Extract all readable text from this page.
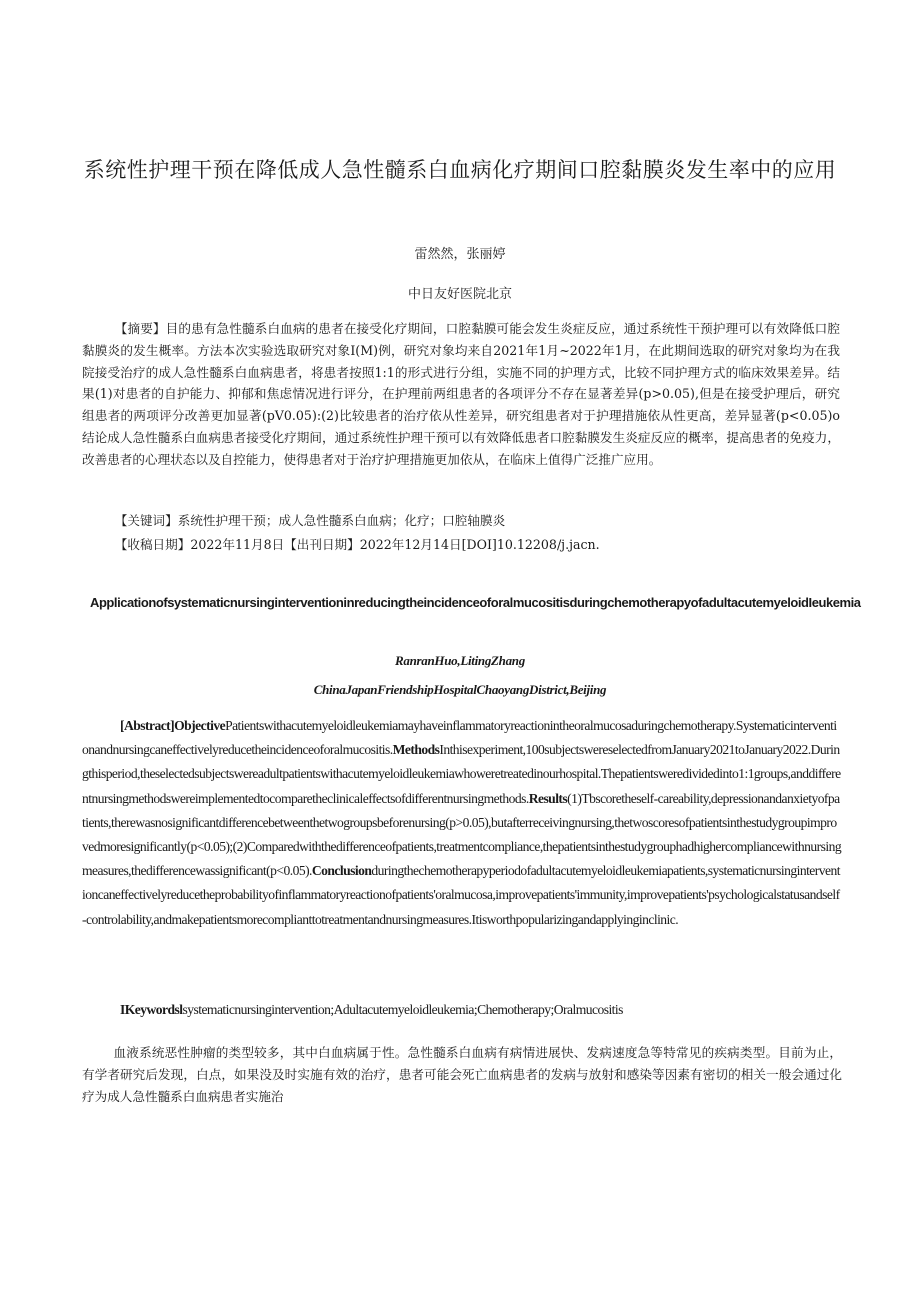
系统性护理干预在降低成人急性髓系白血病化疗期间口腔黏膜炎发生率中的应用
雷然然，张丽婷
中日友好医院北京

【摘要】目的患有急性髓系白血病的患者在接受化疗期间，口腔黏膜可能会发生炎症反应，通过系统性干预护理可以有效降低口腔黏膜炎的发生概率。方法本次实验选取研究对象I(M)例，研究对象均来自2021年1月~2022年1月，在此期间选取的研究对象均为在我院接受治疗的成人急性髓系白血病患者，将患者按照1:1的形式进行分组，实施不同的护理方式，比较不同护理方式的临床效果差异。结果(1)对患者的自护能力、抑郁和焦虑情况进行评分，在护理前两组患者的各项评分不存在显著差异(p>0.05),但是在接受护理后，研究组患者的两项评分改善更加显著(pV0.05):(2)比较患者的治疗依从性差异，研究组患者对于护理措施依从性更高，差异显著(p<0.05)o结论成人急性髓系白血病患者接受化疗期间，通过系统性护理干预可以有效降低患者口腔黏膜发生炎症反应的概率，提高患者的免疫力，改善患者的心理状态以及自控能力，使得患者对于治疗护理措施更加依从，在临床上值得广泛推广应用。

【关键词】系统性护理干预；成人急性髓系白血病；化疗；口腔轴膜炎
【收稿日期】2022年11月8日【出刊日期】2022年12月14日[DOI]10.12208/j.jacn.
ApplicationofsystematicnursinginterventioninreducingtheincidenceoforalmucositisduringchemotherapyofadultacutemyeloidIeukemia
RanranHuo,LitingZhang
ChinaJapanFriendshipHospitalChaoyangDistrict,Beijing

[Abstract]ObjectivePatientswithacutemyeloidleukemiamayhaveinflammatoryreactionintheoralmucosaduringchemotherapy.Systematicinterventionandnursingcaneffectivelyreducetheincidenceoforalmucositis.MethodsInthisexperiment,100subjectswereselectedfromJanuary2021toJanuary2022.Duringthisperiod,theselectedsubjectswereadultpatientswithacutemyeloidleukemiawhoweretreatedinourhospital.Thepatientsweredividedinto1:1groups,anddifferentnursingmethodswereimplementedtocomparetheclinicaleffectsofdifferentnursingmethods.Results(1)Tbscoretheself-careability,depressionandanxietyofpatients,therewasnosignificantdifferencebetweenthetwogroupsbeforenursing(p>0.05),butafterreceivingnursing,thetwoscoresofpatientsinthestudygroupimprovedmoresignificantly(p<0.05);(2)Comparedwiththedifferenceofpatients,treatmentcompliance,thepatientsinthestudygrouphadhighercompliancewithnursingmeasures,thedifferencewassignificant(p<0.05).Conclusionduringthechemotherapyperiodofadultacutemyeloidleukemiapatients,systematicnursinginterventioncaneffectivelyreducetheprobabilityofinflammatoryreactionofpatients'oralmucosa,improvepatients'immunity,improvepatients'psychologicalstatusandself-controlability,andmakepatientsmorecomplianttotreatmentandnursingmeasures.Itisworthpopularizingandapplyinginclinic.

IKeywordslsystematicnursingintervention;Adultacutemyeloidleukemia;Chemotherapy;Oralmucositis

血液系统恶性肿瘤的类型较多，其中白血病属于性。急性髓系白血病有病情进展快、发病速度急等特常见的疾病类型。目前为止，有学者研究后发现，白点，如果没及时实施有效的治疗，患者可能会死亡血病患者的发病与放射和感染等因素有密切的相关一般会通过化疗为成人急性髓系白血病患者实施治
